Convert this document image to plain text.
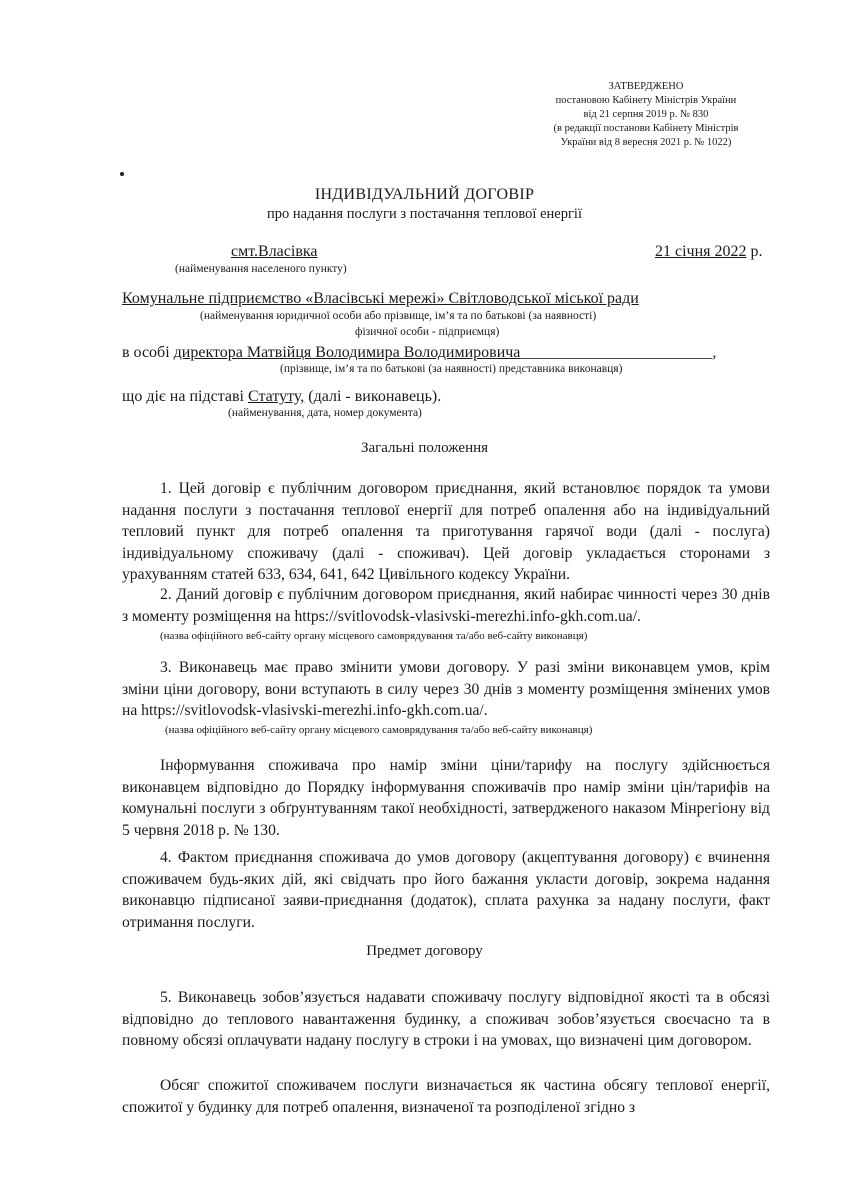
ЗАТВЕРДЖЕНО
постановою Кабінету Міністрів України
від 21 серпня 2019 р. № 830
(в редакції постанови Кабінету Міністрів
України від 8 вересня 2021 р. № 1022)
ІНДИВІДУАЛЬНИЙ ДОГОВІР
про надання послуги з постачання теплової енергії
смт.Власівка
(найменування населеного пункту)
21 січня 2022 р.
Комунальне підприємство «Власівські мережі» Світловодської міської ради
(найменування юридичної особи або прізвище, ім’я та по батькові (за наявності)
фізичної особи - підприємця)
в особі директора Матвійця Володимира Володимировича________________________,
(прізвище, ім’я та по батькові (за наявності) представника виконавця)
що діє на підставі Статуту, (далі - виконавець).
(найменування, дата, номер документа)
Загальні положення

1. Цей договір є публічним договором приєднання, який встановлює порядок та умови надання послуги з постачання теплової енергії для потреб опалення або на індивідуальний тепловий пункт для потреб опалення та приготування гарячої води (далі - послуга) індивідуальному споживачу (далі - споживач). Цей договір укладається сторонами з урахуванням статей 633, 634, 641, 642 Цивільного кодексу України.

2. Даний договір є публічним договором приєднання, який набирає чинності через 30 днів з моменту розміщення на https://svitlovodsk-vlasivski-merezhi.info-gkh.com.ua/.

(назва офіційного веб-сайту органу місцевого самоврядування та/або веб-сайту виконавця)

3. Виконавець має право змінити умови договору. У разі зміни виконавцем умов, крім зміни ціни договору, вони вступають в силу через 30 днів з моменту розміщення змінених умов на https://svitlovodsk-vlasivski-merezhi.info-gkh.com.ua/.

(назва офіційного веб-сайту органу місцевого самоврядування та/або веб-сайту виконавця)

Інформування споживача про намір зміни ціни/тарифу на послугу здійснюється виконавцем відповідно до Порядку інформування споживачів про намір зміни цін/тарифів на комунальні послуги з обґрунтуванням такої необхідності, затвердженого наказом Мінрегіону від 5 червня 2018 р. № 130.

4. Фактом приєднання споживача до умов договору (акцептування договору) є вчинення споживачем будь-яких дій, які свідчать про його бажання укласти договір, зокрема надання виконавцю підписаної заяви-приєднання (додаток), сплата рахунка за надану послуги, факт отримання послуги.

Предмет договору

5. Виконавець зобов’язується надавати споживачу послугу відповідної якості та в обсязі відповідно до теплового навантаження будинку, а споживач зобов’язується своєчасно та в повному обсязі оплачувати надану послугу в строки і на умовах, що визначені цим договором.

Обсяг спожитої споживачем послуги визначається як частина обсягу теплової енергії, спожитої у будинку для потреб опалення, визначеної та розподіленої згідно з
